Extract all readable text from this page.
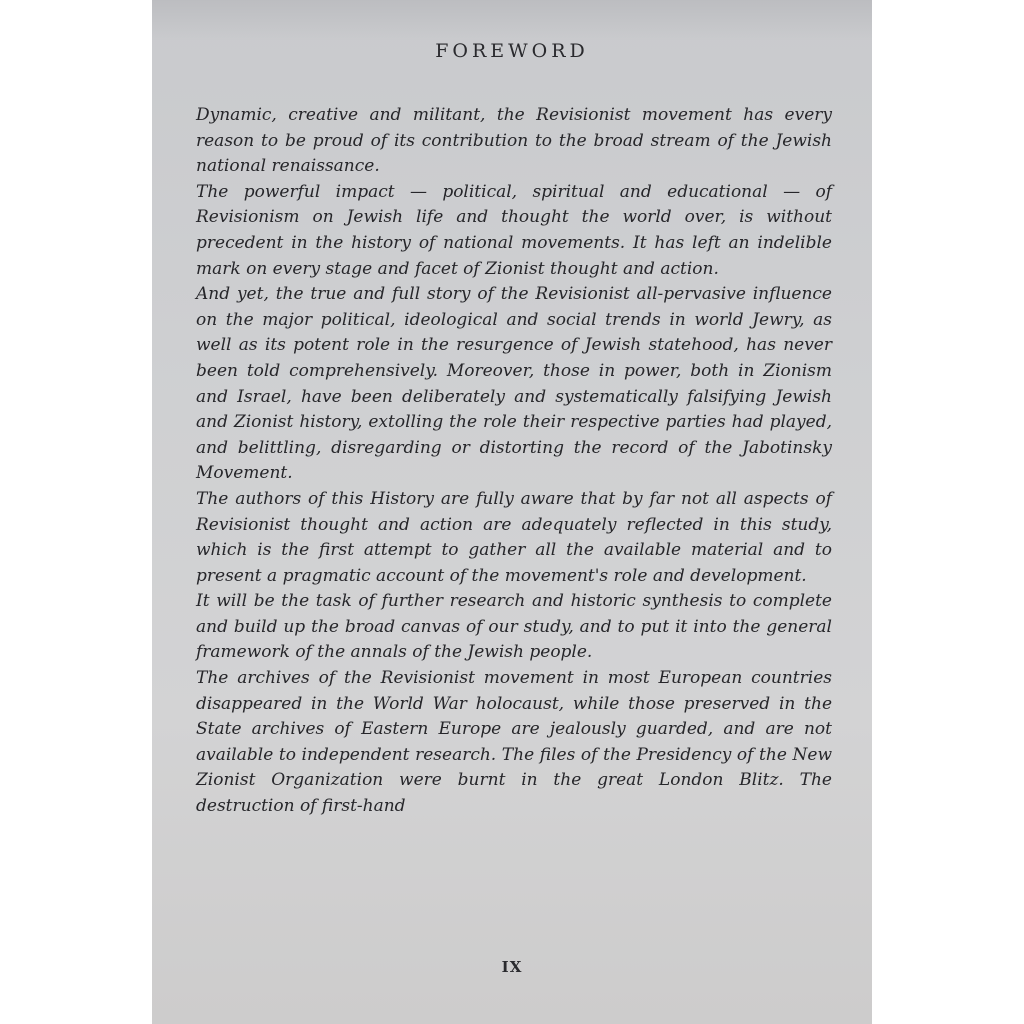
FOREWORD

Dynamic, creative and militant, the Revisionist movement has every reason to be proud of its contribution to the broad stream of the Jewish national renaissance.

The powerful impact — political, spiritual and educational — of Revisionism on Jewish life and thought the world over, is without precedent in the history of national movements. It has left an indelible mark on every stage and facet of Zionist thought and action.

And yet, the true and full story of the Revisionist all-pervasive influence on the major political, ideological and social trends in world Jewry, as well as its potent role in the resurgence of Jewish statehood, has never been told comprehensively. Moreover, those in power, both in Zionism and Israel, have been deliberately and systematically falsifying Jewish and Zionist history, extolling the role their respective parties had played, and belittling, disregarding or distorting the record of the Jabotinsky Movement.

The authors of this History are fully aware that by far not all aspects of Revisionist thought and action are adequately reflected in this study, which is the first attempt to gather all the available material and to present a pragmatic account of the movement's role and development.

It will be the task of further research and historic synthesis to complete and build up the broad canvas of our study, and to put it into the general framework of the annals of the Jewish people.

The archives of the Revisionist movement in most European countries disappeared in the World War holocaust, while those preserved in the State archives of Eastern Europe are jealously guarded, and are not available to independent research. The files of the Presidency of the New Zionist Organization were burnt in the great London Blitz. The destruction of first-hand

IX
